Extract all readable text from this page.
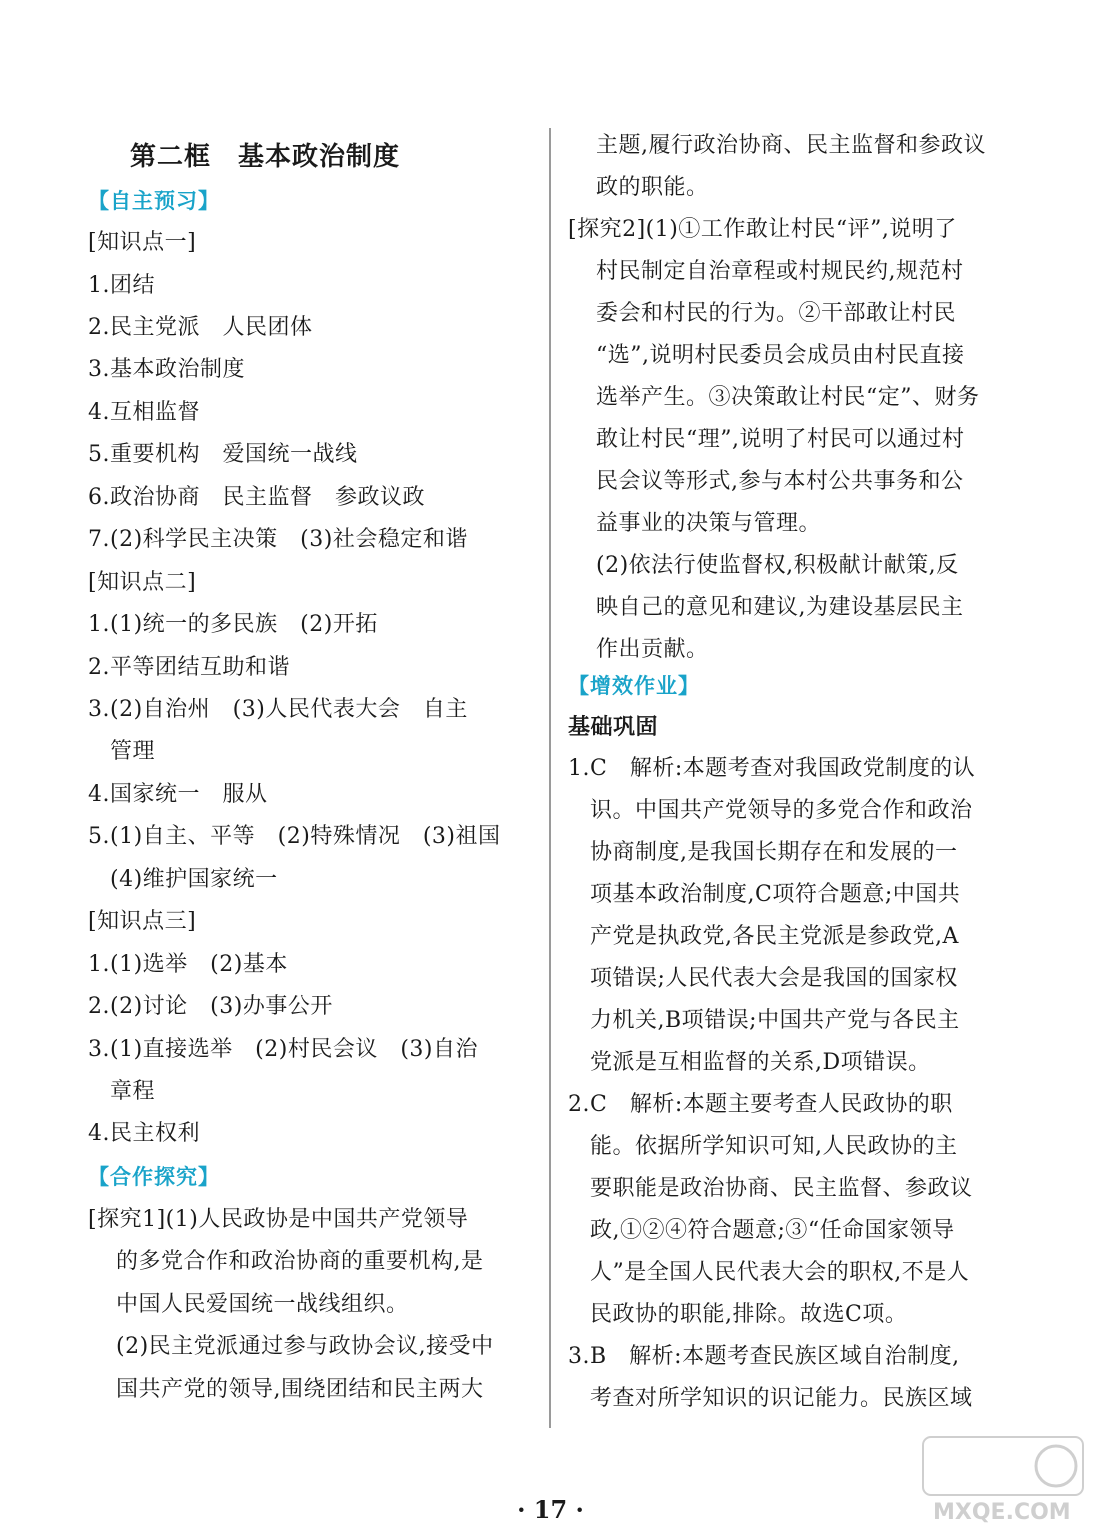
第二框　基本政治制度
【自主预习】
[知识点一]
1.团结
2.民主党派　人民团体
3.基本政治制度
4.互相监督
5.重要机构　爱国统一战线
6.政治协商　民主监督　参政议政
7.(2)科学民主决策　(3)社会稳定和谐
[知识点二]
1.(1)统一的多民族　(2)开拓
2.平等团结互助和谐
3.(2)自治州　(3)人民代表大会　自主
管理
4.国家统一　服从
5.(1)自主、平等　(2)特殊情况　(3)祖国
(4)维护国家统一
[知识点三]
1.(1)选举　(2)基本
2.(2)讨论　(3)办事公开
3.(1)直接选举　(2)村民会议　(3)自治
章程
4.民主权利
【合作探究】
[探究1](1)人民政协是中国共产党领导
的多党合作和政治协商的重要机构,是
中国人民爱国统一战线组织。
(2)民主党派通过参与政协会议,接受中
国共产党的领导,围绕团结和民主两大
主题,履行政治协商、民主监督和参政议
政的职能。
[探究2](1)①工作敢让村民“评”,说明了
村民制定自治章程或村规民约,规范村
委会和村民的行为。②干部敢让村民
“选”,说明村民委员会成员由村民直接
选举产生。③决策敢让村民“定”、财务
敢让村民“理”,说明了村民可以通过村
民会议等形式,参与本村公共事务和公
益事业的决策与管理。
(2)依法行使监督权,积极献计献策,反
映自己的意见和建议,为建设基层民主
作出贡献。
【增效作业】
基础巩固
1.C　解析:本题考查对我国政党制度的认
识。中国共产党领导的多党合作和政治
协商制度,是我国长期存在和发展的一
项基本政治制度,C项符合题意;中国共
产党是执政党,各民主党派是参政党,A
项错误;人民代表大会是我国的国家权
力机关,B项错误;中国共产党与各民主
党派是互相监督的关系,D项错误。
2.C　解析:本题主要考查人民政协的职
能。依据所学知识可知,人民政协的主
要职能是政治协商、民主监督、参政议
政,①②④符合题意;③“任命国家领导
人”是全国人民代表大会的职权,不是人
民政协的职能,排除。故选C项。
3.B　解析:本题考查民族区域自治制度,
考查对所学知识的识记能力。民族区域
· 17 ·	MXQE.COM
